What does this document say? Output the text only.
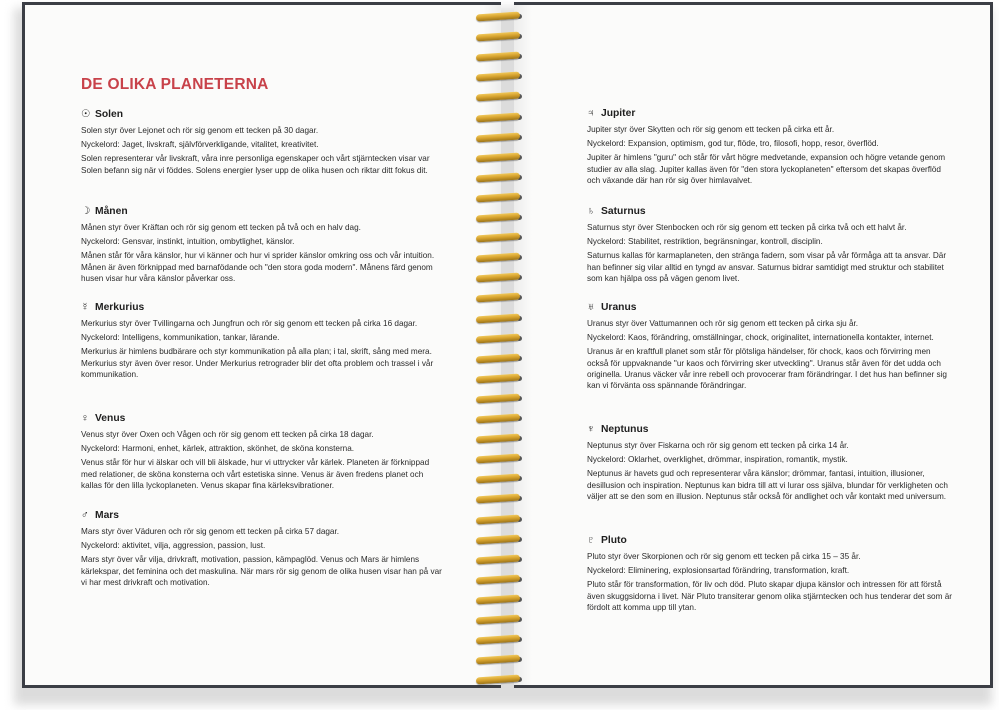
DE OLIKA PLANETERNA
☉ Solen

Solen styr över Lejonet och rör sig genom ett tecken på 30 dagar.

Nyckelord: Jaget, livskraft, självförverkligande, vitalitet, kreativitet.

Solen representerar vår livskraft, våra inre personliga egenskaper och vårt stjärntecken visar var Solen befann sig när vi föddes. Solens energier lyser upp de olika husen och riktar ditt fokus dit.

☽ Månen

Månen styr över Kräftan och rör sig genom ett tecken på två och en halv dag.

Nyckelord: Gensvar, instinkt, intuition, ombytlighet, känslor.

Månen står för våra känslor, hur vi känner och hur vi sprider känslor omkring oss och vår intuition. Månen är även förknippad med barnafödande och "den stora goda modern". Månens färd genom husen visar hur våra känslor påverkar oss.

☿ Merkurius

Merkurius styr över Tvillingarna och Jungfrun och rör sig genom ett tecken på cirka 16 dagar.

Nyckelord: Intelligens, kommunikation, tankar, lärande.

Merkurius är himlens budbärare och styr kommunikation på alla plan; i tal, skrift, sång med mera. Merkurius styr även över resor. Under Merkurius retrograder blir det ofta problem och trassel i vår kommunikation.

♀ Venus

Venus styr över Oxen och Vågen och rör sig genom ett tecken på cirka 18 dagar.

Nyckelord: Harmoni, enhet, kärlek, attraktion, skönhet, de sköna konsterna.

Venus står för hur vi älskar och vill bli älskade, hur vi uttrycker vår kärlek. Planeten är förknippad med relationer, de sköna konsterna och vårt estetiska sinne. Venus är även fredens planet och kallas för den lilla lyckoplaneten. Venus skapar fina kärleksvibrationer.

♂ Mars

Mars styr över Väduren och rör sig genom ett tecken på cirka 57 dagar.

Nyckelord: aktivitet, vilja, aggression, passion, lust.

Mars styr över vår vilja, drivkraft, motivation, passion, kämpaglöd. Venus och Mars är himlens kärlekspar, det feminina och det maskulina. När mars rör sig genom de olika husen visar han på var vi har mest drivkraft och motivation.

♃ Jupiter

Jupiter styr över Skytten och rör sig genom ett tecken på cirka ett år.

Nyckelord: Expansion, optimism, god tur, flöde, tro, filosofi, hopp, resor, överflöd.

Jupiter är himlens "guru" och står för vårt högre medvetande, expansion och högre vetande genom studier av alla slag. Jupiter kallas även för "den stora lyckoplaneten" eftersom det skapas överflöd och växande där han rör sig över himlavalvet.

♄ Saturnus

Saturnus styr över Stenbocken och rör sig genom ett tecken på cirka två och ett halvt år.

Nyckelord: Stabilitet, restriktion, begränsningar, kontroll, disciplin.

Saturnus kallas för karmaplaneten, den stränga fadern, som visar på vår förmåga att ta ansvar. Där han befinner sig vilar alltid en tyngd av ansvar. Saturnus bidrar samtidigt med struktur och stabilitet som kan hjälpa oss på vägen genom livet.

♅ Uranus

Uranus styr över Vattumannen och rör sig genom ett tecken på cirka sju år.

Nyckelord: Kaos, förändring, omställningar, chock, originalitet, internationella kontakter, internet.

Uranus är en kraftfull planet som står för plötsliga händelser, för chock, kaos och förvirring men också för uppvaknande "ur kaos och förvirring sker utveckling". Uranus står även för det udda och originella. Uranus väcker vår inre rebell och provocerar fram förändringar. I det hus han befinner sig kan vi förvänta oss spännande förändringar.

♆ Neptunus

Neptunus styr över Fiskarna och rör sig genom ett tecken på cirka 14 år.

Nyckelord: Oklarhet, overklighet, drömmar, inspiration, romantik, mystik.

Neptunus är havets gud och representerar våra känslor; drömmar, fantasi, intuition, illusioner, desillusion och inspiration. Neptunus kan bidra till att vi lurar oss själva, blundar för verkligheten och väljer att se den som en illusion. Neptunus står också för andlighet och vår kontakt med universum.

♇ Pluto

Pluto styr över Skorpionen och rör sig genom ett tecken på cirka 15 – 35 år.

Nyckelord: Eliminering, explosionsartad förändring, transformation, kraft.

Pluto står för transformation, för liv och död. Pluto skapar djupa känslor och intressen för att förstå även skuggsidorna i livet. När Pluto transiterar genom olika stjärntecken och hus tenderar det som är fördolt att komma upp till ytan.
